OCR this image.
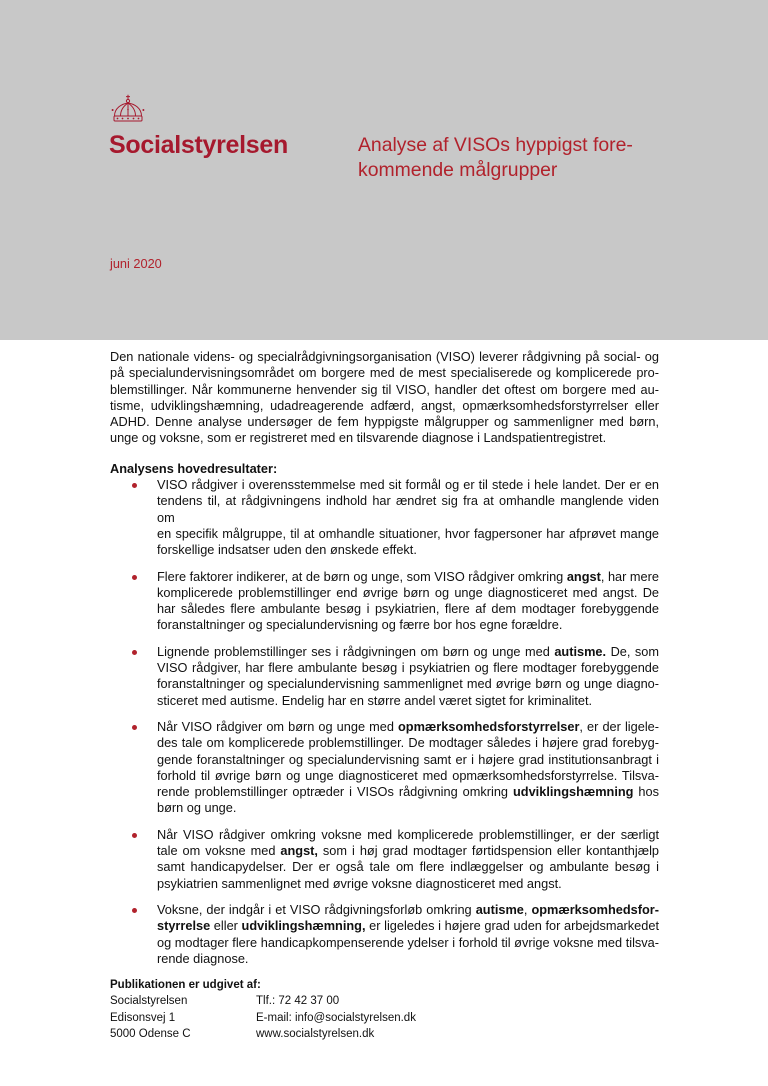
Socialstyrelsen	Analyse af VISOs hyppigst fore-
kommende målgrupper
juni 2020
Den nationale videns- og specialrådgivningsorganisation (VISO) leverer rådgivning på social- og
på specialundervisningsområdet om borgere med de mest specialiserede og komplicerede pro-
blemstillinger. Når kommunerne henvender sig til VISO, handler det oftest om borgere med au-
tisme, udviklingshæmning, udadreagerende adfærd, angst, opmærksomhedsforstyrrelser eller
ADHD. Denne analyse undersøger de fem hyppigste målgrupper og sammenligner med børn,
unge og voksne, som er registreret med en tilsvarende diagnose i Landspatientregistret.
Analysens hovedresultater:
VISO rådgiver i overensstemmelse med sit formål og er til stede i hele landet. Der er en
tendens til, at rådgivningens indhold har ændret sig fra at omhandle manglende viden om
en specifik målgruppe, til at omhandle situationer, hvor fagpersoner har afprøvet mange
forskellige indsatser uden den ønskede effekt.
Flere faktorer indikerer, at de børn og unge, som VISO rådgiver omkring angst, har mere
komplicerede problemstillinger end øvrige børn og unge diagnosticeret med angst. De
har således flere ambulante besøg i psykiatrien, flere af dem modtager forebyggende
foranstaltninger og specialundervisning og færre bor hos egne forældre.
Lignende problemstillinger ses i rådgivningen om børn og unge med autisme. De, som
VISO rådgiver, har flere ambulante besøg i psykiatrien og flere modtager forebyggende
foranstaltninger og specialundervisning sammenlignet med øvrige børn og unge diagno-
sticeret med autisme. Endelig har en større andel været sigtet for kriminalitet.
Når VISO rådgiver om børn og unge med opmærksomhedsforstyrrelser, er der ligele-
des tale om komplicerede problemstillinger. De modtager således i højere grad forebyg-
gende foranstaltninger og specialundervisning samt er i højere grad institutionsanbragt i
forhold til øvrige børn og unge diagnosticeret med opmærksomhedsforstyrrelse. Tilsva-
rende problemstillinger optræder i VISOs rådgivning omkring udviklingshæmning hos
børn og unge.
Når VISO rådgiver omkring voksne med komplicerede problemstillinger, er der særligt
tale om voksne med angst, som i høj grad modtager førtidspension eller kontanthjælp
samt handicapydelser. Der er også tale om flere indlæggelser og ambulante besøg i
psykiatrien sammenlignet med øvrige voksne diagnosticeret med angst.
Voksne, der indgår i et VISO rådgivningsforløb omkring autisme, opmærksomhedsfor-
styrrelse eller udviklingshæmning, er ligeledes i højere grad uden for arbejdsmarkedet
og modtager flere handicapkompenserende ydelser i forhold til øvrige voksne med tilsva-
rende diagnose.
Publikationen er udgivet af:
Socialstyrelsen	Tlf.: 72 42 37 00
Edisonsvej 1	E-mail: info@socialstyrelsen.dk
5000 Odense C	www.socialstyrelsen.dk
